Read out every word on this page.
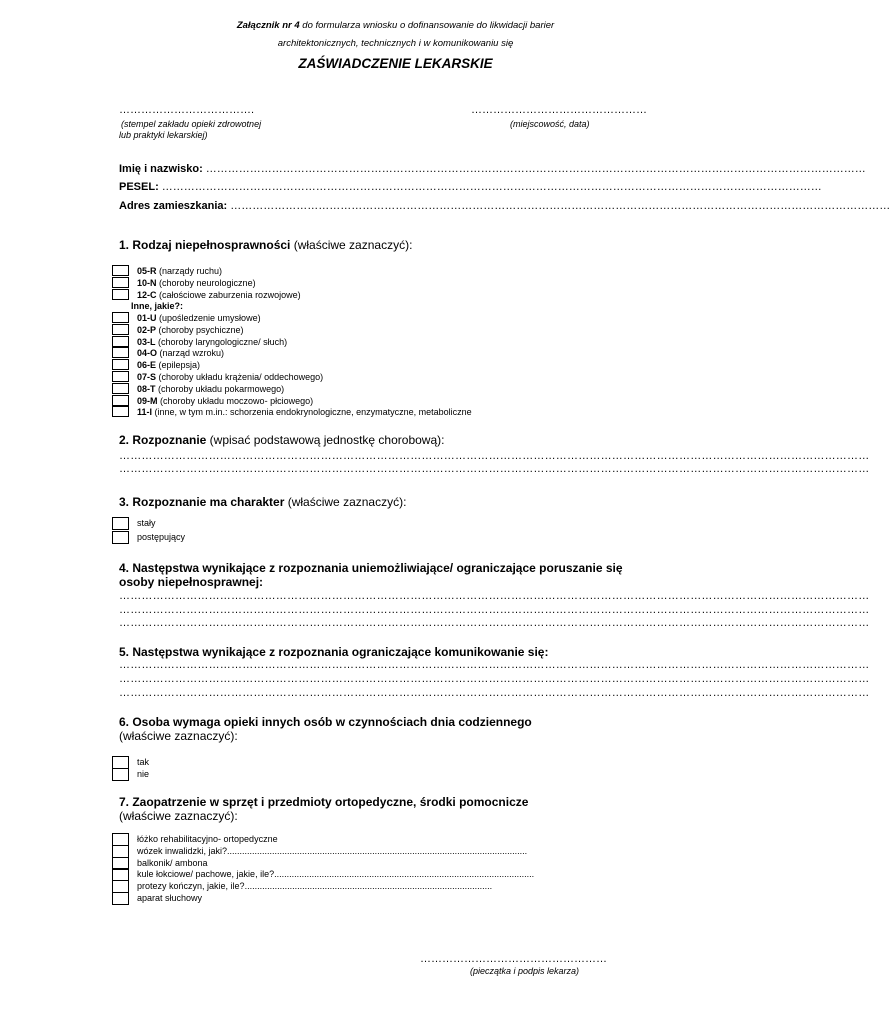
Załącznik nr 4 do formularza wniosku o dofinansowanie do likwidacji barier
architektonicznych, technicznych i w komunikowaniu się
ZAŚWIADCZENIE LEKARSKIE
……………………………….
(stempel zakładu opieki zdrowotnej
lub praktyki lekarskiej)
…………………………………………
(miejscowość, data)
Imię i nazwisko: ………………………………………………………………………………………………………………………………………………………………
PESEL: ………………………………………………………………………………………………………………………………………………………………
Adres zamieszkania: ………………………………………………………………………………………………………………………………………………………………
1. Rodzaj niepełnosprawności (właściwe zaznaczyć):
05-R (narządy ruchu)
10-N (choroby neurologiczne)
12-C (całościowe zaburzenia rozwojowe)
Inne, jakie?:
01-U (upośledzenie umysłowe)
02-P (choroby psychiczne)
03-L (choroby laryngologiczne/ słuch)
04-O (narząd wzroku)
06-E (epilepsja)
07-S (choroby układu krążenia/ oddechowego)
08-T (choroby układu pokarmowego)
09-M (choroby układu moczowo- płciowego)
11-I (inne, w tym m.in.: schorzenia endokrynologiczne, enzymatyczne, metaboliczne
2. Rozpoznanie (wpisać podstawową jednostkę chorobową):
…………………………………………………………………………………………………………………………………………………………………………………
…………………………………………………………………………………………………………………………………………………………………………………
3. Rozpoznanie ma charakter (właściwe zaznaczyć):
stały
postępujący
4. Następstwa wynikające z rozpoznania uniemożliwiające/ ograniczające poruszanie się
osoby niepełnosprawnej:
…………………………………………………………………………………………………………………………………………………………………………………
…………………………………………………………………………………………………………………………………………………………………………………
…………………………………………………………………………………………………………………………………………………………………………………
5. Następstwa wynikające z rozpoznania ograniczające komunikowanie się:
…………………………………………………………………………………………………………………………………………………………………………………
…………………………………………………………………………………………………………………………………………………………………………………
…………………………………………………………………………………………………………………………………………………………………………………
6. Osoba wymaga opieki innych osób w czynnościach dnia codziennego
(właściwe zaznaczyć):
tak
nie
7. Zaopatrzenie w sprzęt i przedmioty ortopedyczne, środki pomocnicze
(właściwe zaznaczyć):
łóżko rehabilitacyjno- ortopedyczne
wózek inwalidzki, jaki?........................................................................................................................
balkonik/ ambona
kule łokciowe/ pachowe, jakie, ile?........................................................................................................
protezy kończyn, jakie, ile?...................................................................................................
aparat słuchowy
……………………………………………
(pieczątka i podpis lekarza)
